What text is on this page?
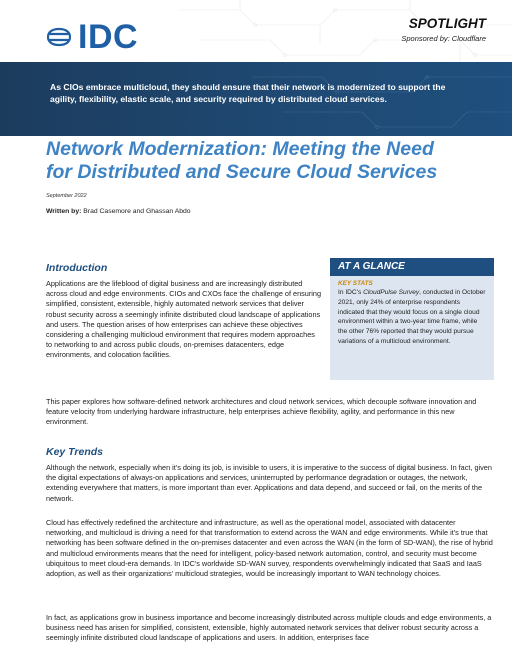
IDC	SPOTLIGHT
Sponsored by: Cloudflare
As CIOs embrace multicloud, they should ensure that their network is modernized to support the agility, flexibility, elastic scale, and security required by distributed cloud services.
Network Modernization: Meeting the Need
for Distributed and Secure Cloud Services
September 2022
Written by: Brad Casemore and Ghassan Abdo
Introduction
Applications are the lifeblood of digital business and are increasingly distributed across cloud and edge environments. CIOs and CXOs face the challenge of ensuring simplified, consistent, extensible, highly automated network services that deliver robust security across a seemingly infinite distributed cloud landscape of applications and users. The question arises of how enterprises can achieve these objectives considering a challenging multicloud environment that requires modern approaches to networking to and across public clouds, on-premises datacenters, edge environments, and colocation facilities.
AT A GLANCE
KEY STATS
In IDC's CloudPulse Survey, conducted in October 2021, only 24% of enterprise respondents indicated that they would focus on a single cloud environment within a two-year time frame, while the other 76% reported that they would pursue variations of a multicloud environment.
This paper explores how software-defined network architectures and cloud network services, which decouple software innovation and feature velocity from underlying hardware infrastructure, help enterprises achieve flexibility, agility, and performance in this new environment.
Key Trends
Although the network, especially when it's doing its job, is invisible to users, it is imperative to the success of digital business. In fact, given the digital expectations of always-on applications and services, uninterrupted by performance degradation or outages, the network, extending everywhere that matters, is more important than ever. Applications and data depend, and succeed or fail, on the merits of the network.
Cloud has effectively redefined the architecture and infrastructure, as well as the operational model, associated with datacenter networking, and multicloud is driving a need for that transformation to extend across the WAN and edge environments. While it's true that networking has been software defined in the on-premises datacenter and even across the WAN (in the form of SD-WAN), the rise of hybrid and multicloud environments means that the need for intelligent, policy-based network automation, control, and security must become ubiquitous to meet cloud-era demands. In IDC's worldwide SD-WAN survey, respondents overwhelmingly indicated that SaaS and IaaS adoption, as well as their organizations' multicloud strategies, would be increasingly important to WAN technology choices.
In fact, as applications grow in business importance and become increasingly distributed across multiple clouds and edge environments, a business need has arisen for simplified, consistent, extensible, highly automated network services that deliver robust security across a seemingly infinite distributed cloud landscape of applications and users. In addition, enterprises face
